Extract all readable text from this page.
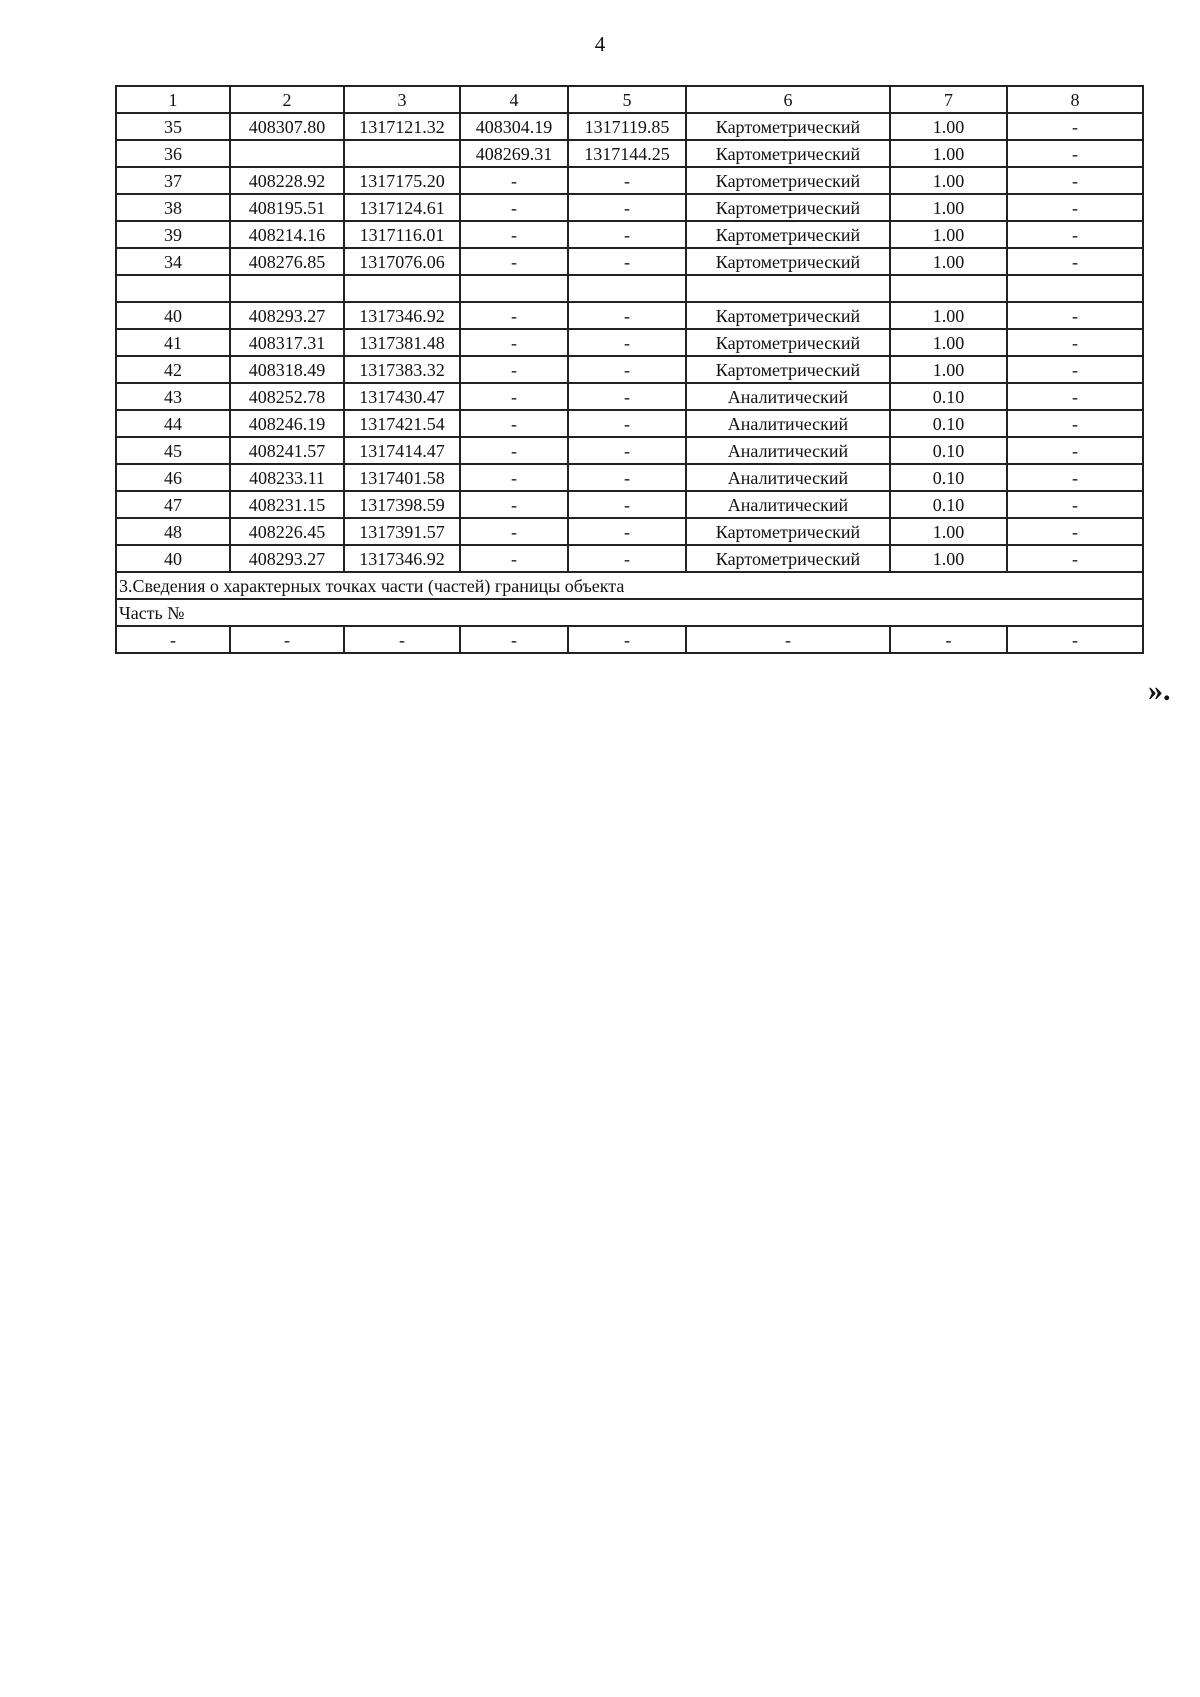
4
1	2	3	4	5	6	7	8
35	408307.80	1317121.32	408304.19	1317119.85	Картометрический	1.00	-
36			408269.31	1317144.25	Картометрический	1.00	-
37	408228.92	1317175.20	-	-	Картометрический	1.00	-
38	408195.51	1317124.61	-	-	Картометрический	1.00	-
39	408214.16	1317116.01	-	-	Картометрический	1.00	-
34	408276.85	1317076.06	-	-	Картометрический	1.00	-

40	408293.27	1317346.92	-	-	Картометрический	1.00	-
41	408317.31	1317381.48	-	-	Картометрический	1.00	-
42	408318.49	1317383.32	-	-	Картометрический	1.00	-
43	408252.78	1317430.47	-	-	Аналитический	0.10	-
44	408246.19	1317421.54	-	-	Аналитический	0.10	-
45	408241.57	1317414.47	-	-	Аналитический	0.10	-
46	408233.11	1317401.58	-	-	Аналитический	0.10	-
47	408231.15	1317398.59	-	-	Аналитический	0.10	-
48	408226.45	1317391.57	-	-	Картометрический	1.00	-
40	408293.27	1317346.92	-	-	Картометрический	1.00	-
3.Сведения о характерных точках части (частей) границы объекта							
Часть №							
-	-	-	-	-	-	-	-
».
